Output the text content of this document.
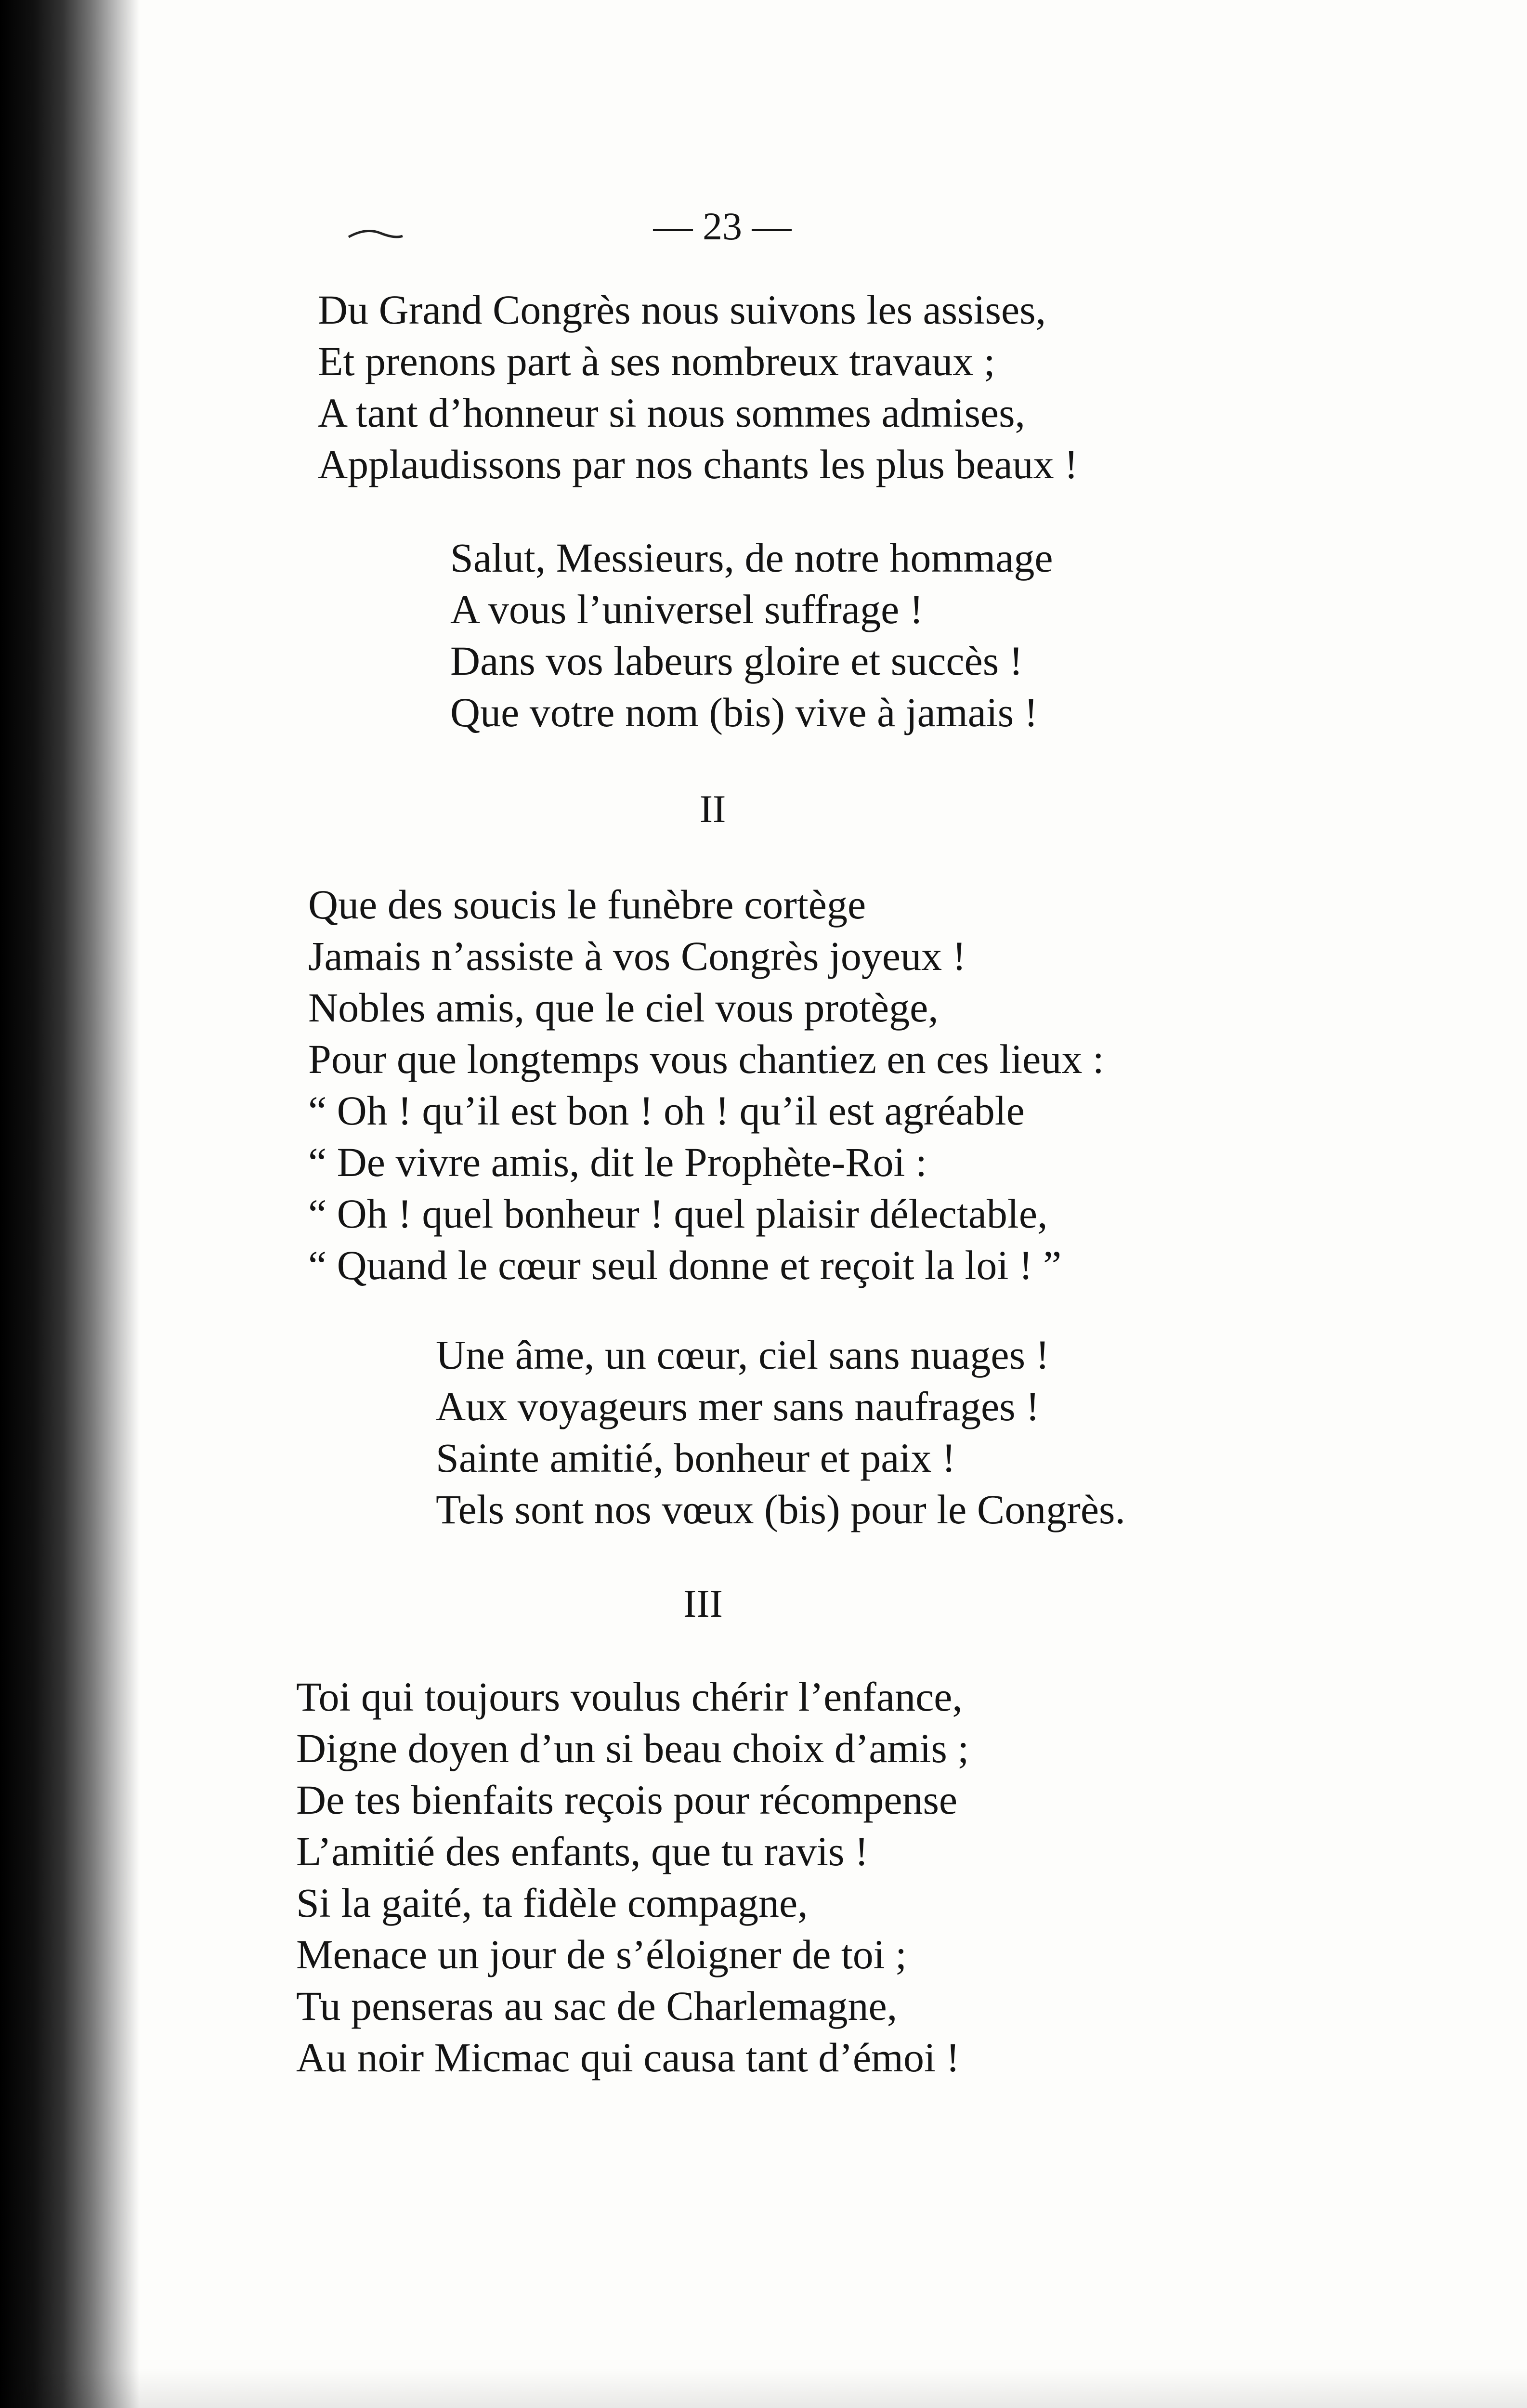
— 23 —
Du Grand Congrès nous suivons les assises,
Et prenons part à ses nombreux travaux ;
A tant d’honneur si nous sommes admises,
Applaudissons par nos chants les plus beaux !
Salut, Messieurs, de notre hommage
A vous l’universel suffrage !
Dans vos labeurs gloire et succès !
Que votre nom (bis) vive à jamais !
II
Que des soucis le funèbre cortège
Jamais n’assiste à vos Congrès joyeux !
Nobles amis, que le ciel vous protège,
Pour que longtemps vous chantiez en ces lieux :
“ Oh ! qu’il est bon ! oh ! qu’il est agréable
“ De vivre amis, dit le Prophète-Roi :
“ Oh ! quel bonheur ! quel plaisir délectable,
“ Quand le cœur seul donne et reçoit la loi ! ”
Une âme, un cœur, ciel sans nuages !
Aux voyageurs mer sans naufrages !
Sainte amitié, bonheur et paix !
Tels sont nos vœux (bis) pour le Congrès.
III
Toi qui toujours voulus chérir l’enfance,
Digne doyen d’un si beau choix d’amis ;
De tes bienfaits reçois pour récompense
L’amitié des enfants, que tu ravis !
Si la gaité, ta fidèle compagne,
Menace un jour de s’éloigner de toi ;
Tu penseras au sac de Charlemagne,
Au noir Micmac qui causa tant d’émoi !
